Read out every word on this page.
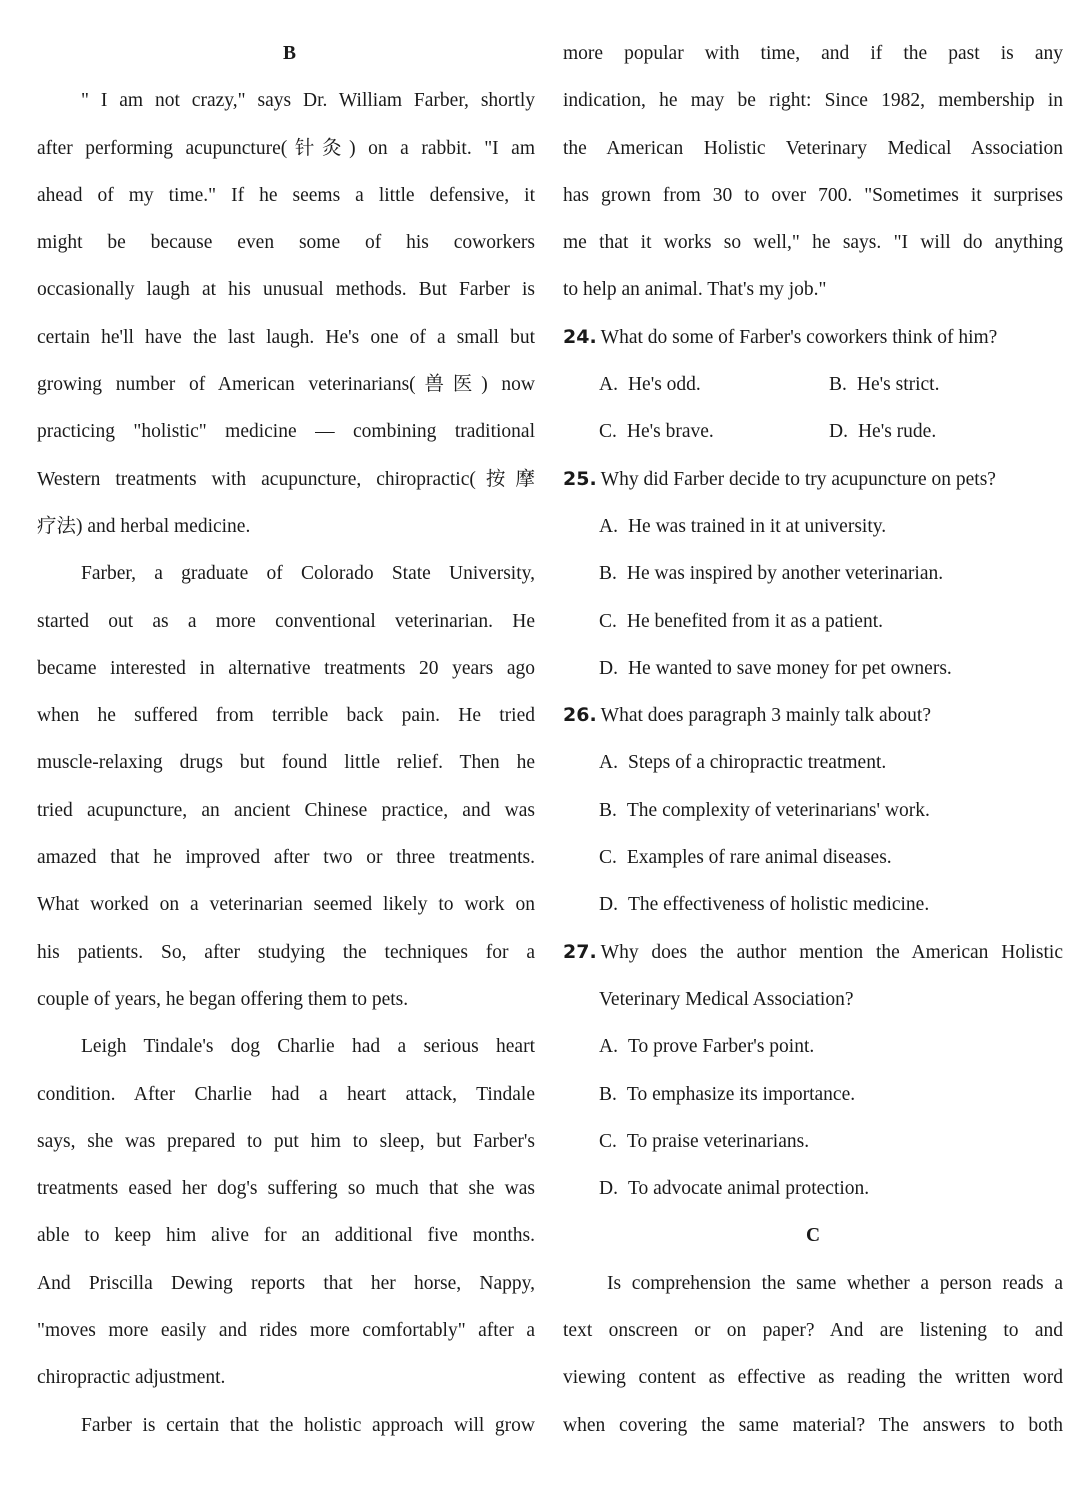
B
" I am not crazy," says Dr. William Farber, shortly
after performing acupuncture(针灸) on a rabbit. "I am
ahead of my time." If he seems a little defensive, it
might be because even some of his coworkers
occasionally laugh at his unusual methods. But Farber is
certain he'll have the last laugh. He's one of a small but
growing number of American veterinarians(兽医) now
practicing "holistic" medicine — combining traditional
Western treatments with acupuncture, chiropractic(按摩
疗法) and herbal medicine.
Farber, a graduate of Colorado State University,
started out as a more conventional veterinarian. He
became interested in alternative treatments 20 years ago
when he suffered from terrible back pain. He tried
muscle-relaxing drugs but found little relief. Then he
tried acupuncture, an ancient Chinese practice, and was
amazed that he improved after two or three treatments.
What worked on a veterinarian seemed likely to work on
his patients. So, after studying the techniques for a
couple of years, he began offering them to pets.
Leigh Tindale's dog Charlie had a serious heart
condition. After Charlie had a heart attack, Tindale
says, she was prepared to put him to sleep, but Farber's
treatments eased her dog's suffering so much that she was
able to keep him alive for an additional five months.
And Priscilla Dewing reports that her horse, Nappy,
"moves more easily and rides more comfortably" after a
chiropractic adjustment.
Farber is certain that the holistic approach will grow
more popular with time, and if the past is any
indication, he may be right: Since 1982, membership in
the American Holistic Veterinary Medical Association
has grown from 30 to over 700. "Sometimes it surprises
me that it works so well," he says. "I will do anything
to help an animal. That's my job."
24. What do some of Farber's coworkers think of him?
A. He's odd.	B. He's strict.
C. He's brave.	D. He's rude.
25. Why did Farber decide to try acupuncture on pets?
A. He was trained in it at university.
B. He was inspired by another veterinarian.
C. He benefited from it as a patient.
D. He wanted to save money for pet owners.
26. What does paragraph 3 mainly talk about?
A. Steps of a chiropractic treatment.
B. The complexity of veterinarians' work.
C. Examples of rare animal diseases.
D. The effectiveness of holistic medicine.
27. Why does the author mention the American Holistic
Veterinary Medical Association?
A. To prove Farber's point.
B. To emphasize its importance.
C. To praise veterinarians.
D. To advocate animal protection.
C
Is comprehension the same whether a person reads a
text onscreen or on paper? And are listening to and
viewing content as effective as reading the written word
when covering the same material? The answers to both
